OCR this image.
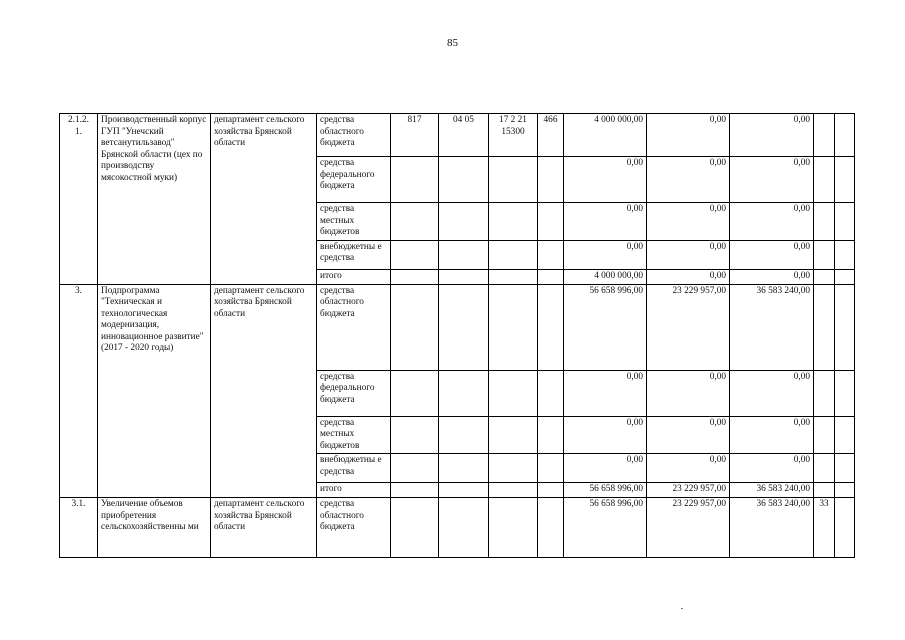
85
2.1.2.
1.	Производственный корпус ГУП "Унечский ветсанутильзавод" Брянской области (цех по производству мясокостной муки)	департамент сельского хозяйства Брянской области	средства областного бюджета	817	04 05	17 2 21 15300	466	4 000 000,00	0,00	0,00		
			средства федерального бюджета					0,00	0,00	0,00		
			средства местных бюджетов					0,00	0,00	0,00		
			внебюджетны е средства					0,00	0,00	0,00		
			итого					4 000 000,00	0,00	0,00		
3.	Подпрограмма "Техническая и технологическая модернизация, инновационное развитие" (2017 - 2020 годы)	департамент сельского хозяйства Брянской области	средства областного бюджета					56 658 996,00	23 229 957,00	36 583 240,00		
			средства федерального бюджета					0,00	0,00	0,00		
			средства местных бюджетов					0,00	0,00	0,00		
			внебюджетны е средства					0,00	0,00	0,00		
			итого					56 658 996,00	23 229 957,00	36 583 240,00		
3.1.	Увеличение объемов приобретения сельскохозяйственны ми	департамент сельского хозяйства Брянской области	средства областного бюджета					56 658 996,00	23 229 957,00	36 583 240,00	33	
